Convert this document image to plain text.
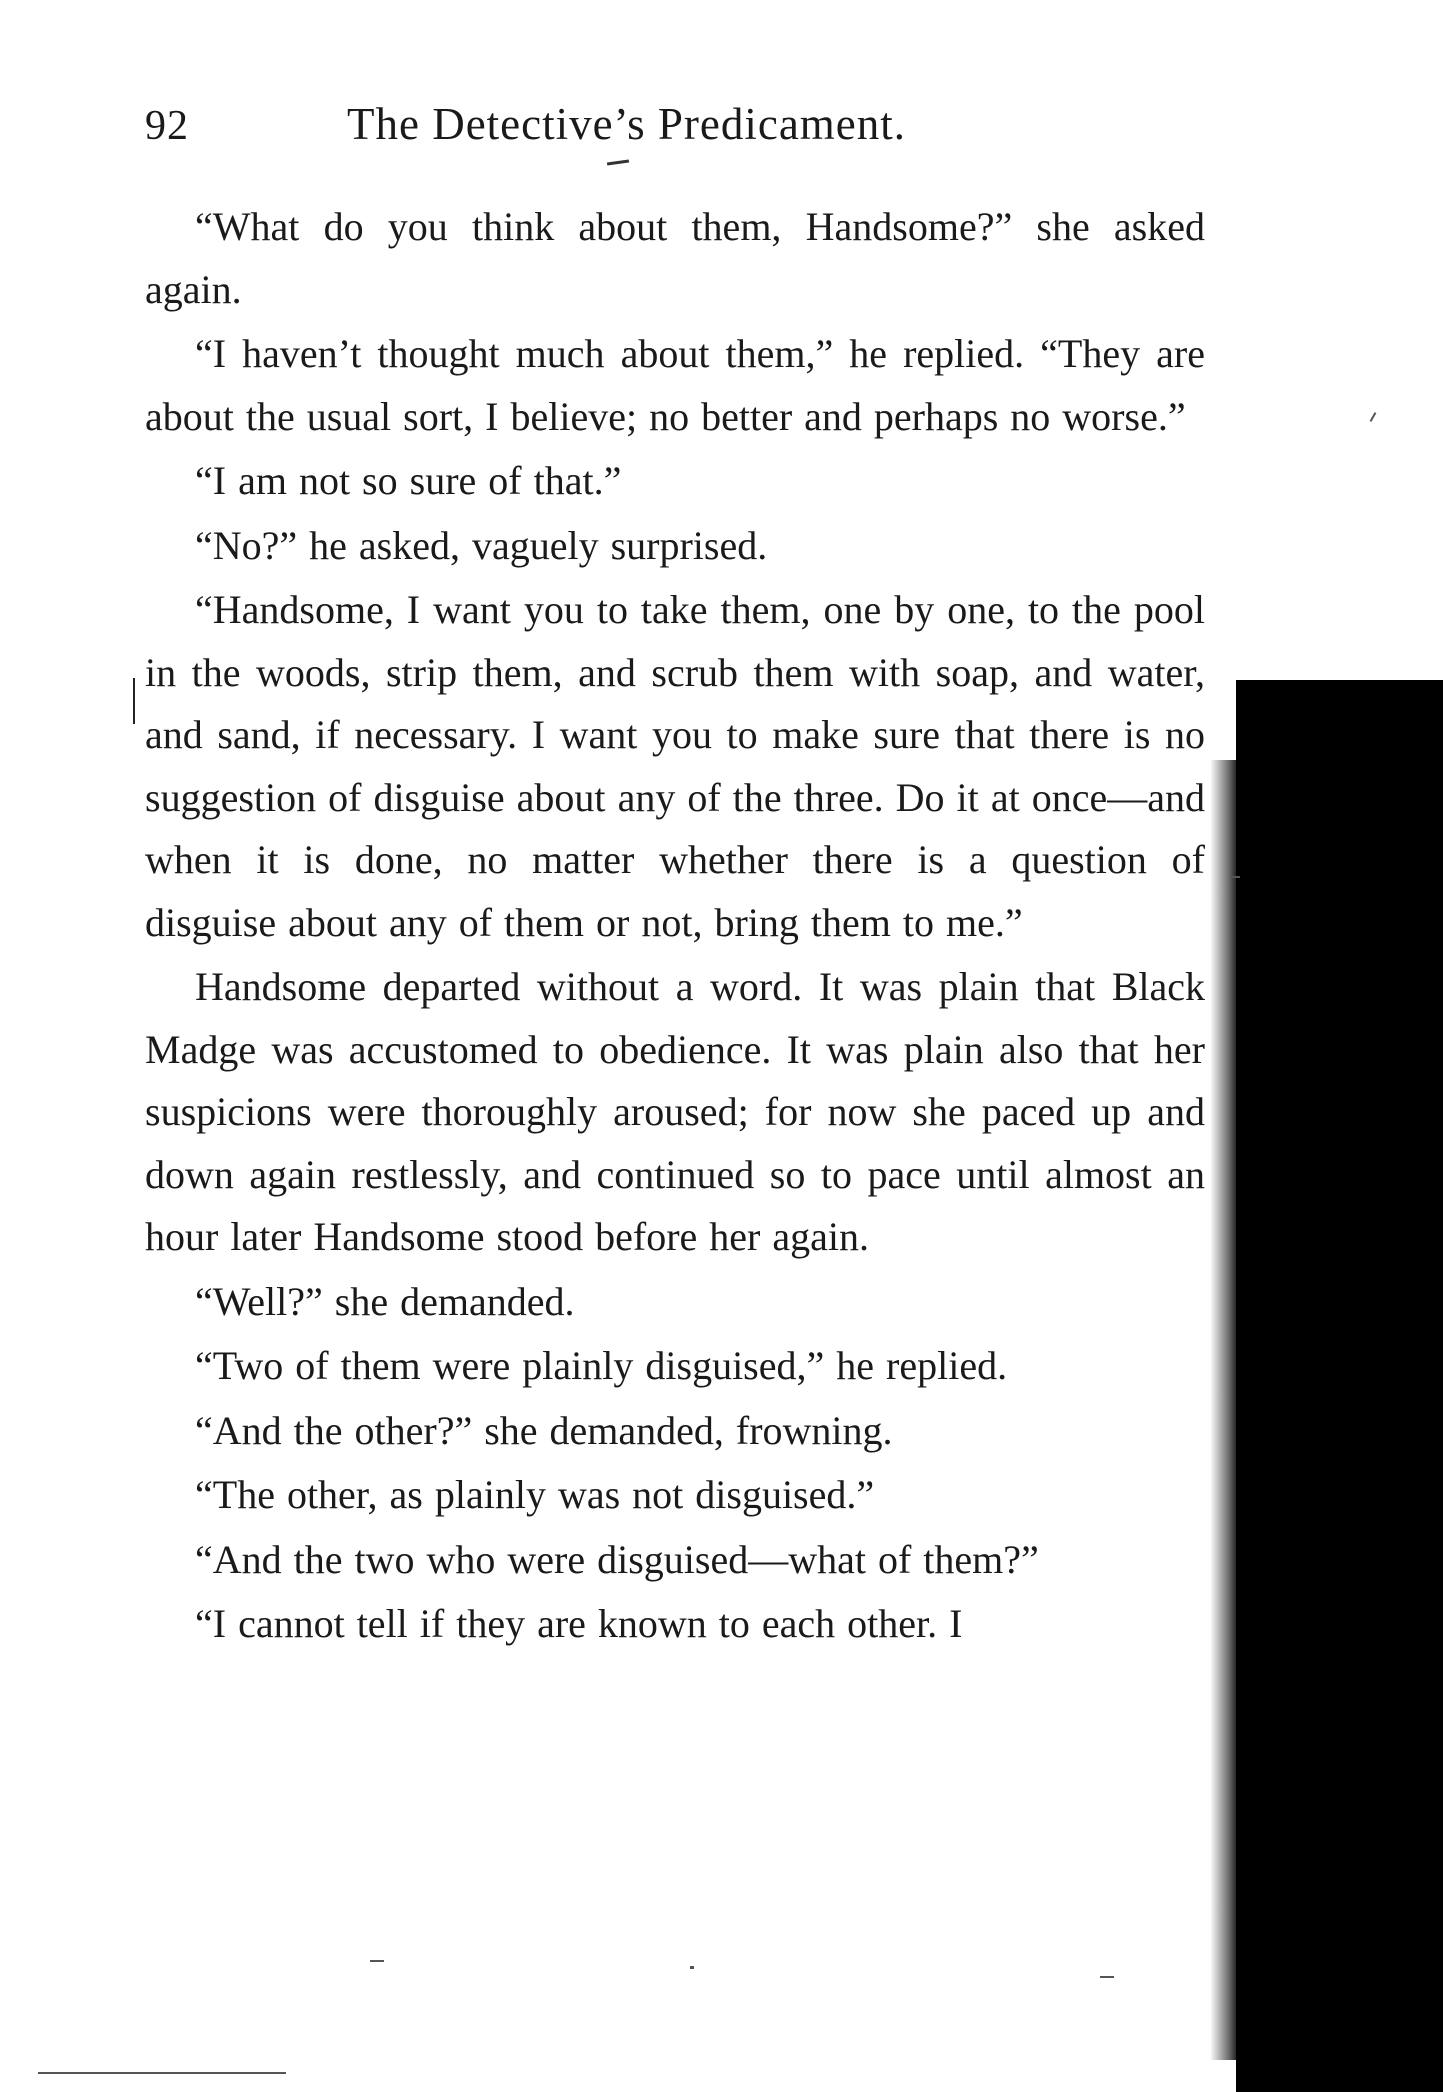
92	The Detective’s Predicament.

“What do you think about them, Handsome?” she asked again.

“I haven’t thought much about them,” he replied. “They are about the usual sort, I believe; no better and perhaps no worse.”

“I am not so sure of that.”

“No?” he asked, vaguely surprised.

“Handsome, I want you to take them, one by one, to the pool in the woods, strip them, and scrub them with soap, and water, and sand, if necessary. I want you to make sure that there is no suggestion of disguise about any of the three. Do it at once—and when it is done, no matter whether there is a question of disguise about any of them or not, bring them to me.”

Handsome departed without a word. It was plain that Black Madge was accustomed to obedience. It was plain also that her suspicions were thoroughly aroused; for now she paced up and down again restlessly, and continued so to pace until almost an hour later Handsome stood before her again.

“Well?” she demanded.

“Two of them were plainly disguised,” he replied.

“And the other?” she demanded, frowning.

“The other, as plainly was not disguised.”

“And the two who were disguised—what of them?”

“I cannot tell if they are known to each other. I
